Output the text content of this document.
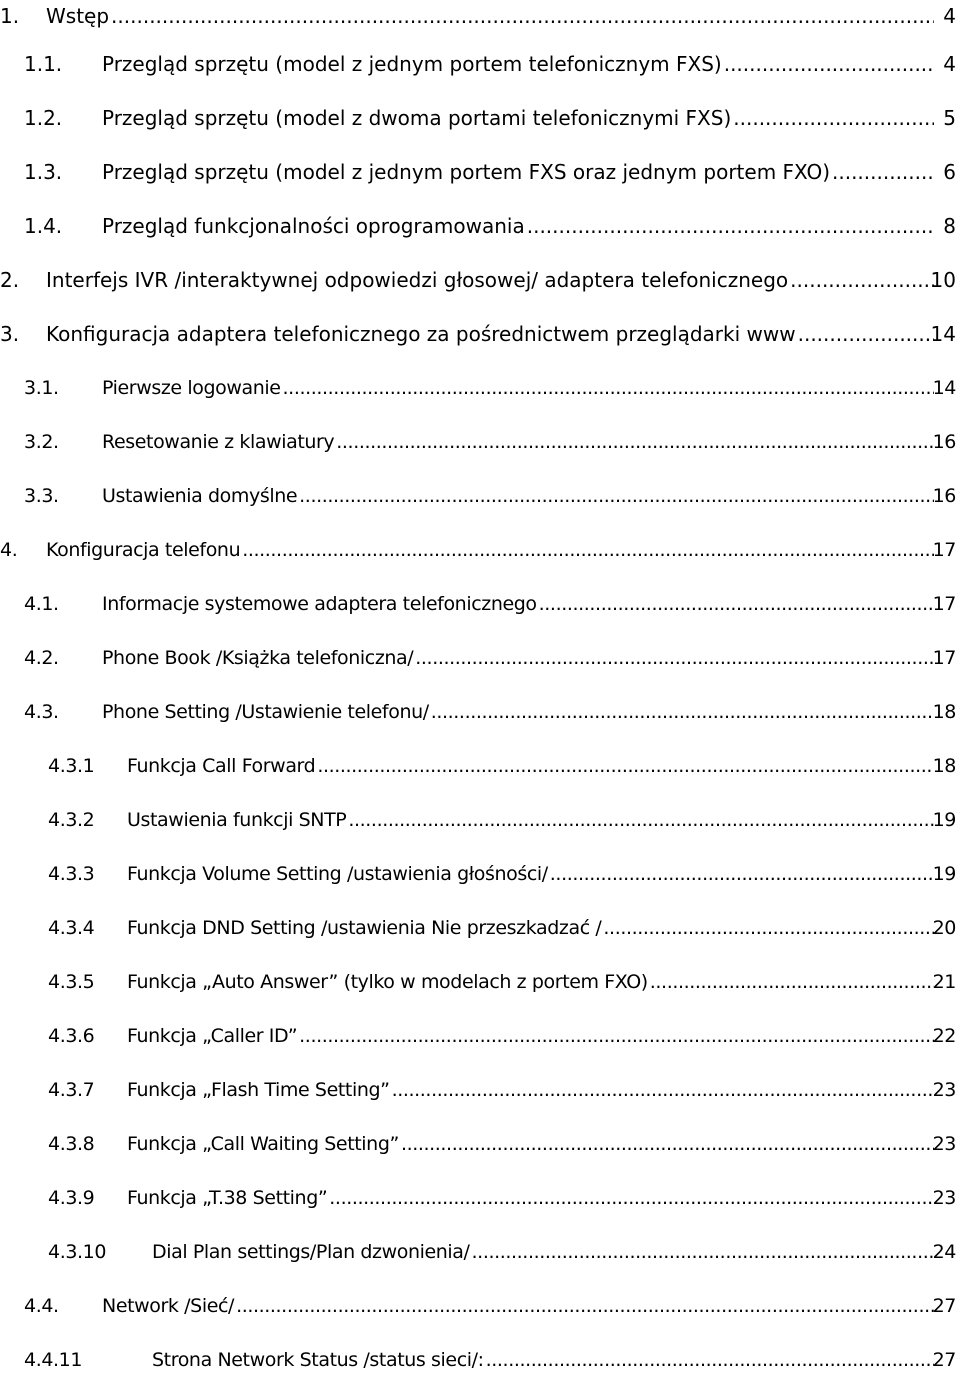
1. Wstęp .....	4
1.1. Przegląd sprzętu (model z jednym portem telefonicznym FXS) .....	4
1.2. Przegląd sprzętu (model z dwoma portami telefonicznymi FXS) .....	5
1.3. Przegląd sprzętu (model z jednym portem FXS oraz jednym portem FXO) .....	6
1.4. Przegląd funkcjonalności oprogramowania .....	8
2. Interfejs IVR /interaktywnej odpowiedzi głosowej/ adaptera telefonicznego .....	10
3. Konfiguracja adaptera telefonicznego za pośrednictwem przeglądarki www .....	14
3.1. Pierwsze logowanie .....	14
3.2. Resetowanie z klawiatury .....	16
3.3. Ustawienia domyślne .....	16
4. Konfiguracja telefonu .....	17
4.1. Informacje systemowe adaptera telefonicznego .....	17
4.2. Phone Book /Książka telefoniczna/ .....	17
4.3. Phone Setting /Ustawienie telefonu/ .....	18
4.3.1 Funkcja Call Forward .....	18
4.3.2 Ustawienia funkcji SNTP .....	19
4.3.3 Funkcja Volume Setting /ustawienia głośności/ .....	19
4.3.4 Funkcja DND Setting /ustawienia Nie przeszkadzać / .....	20
4.3.5 Funkcja „Auto Answer” (tylko w modelach z portem FXO) .....	21
4.3.6 Funkcja „Caller ID” .....	22
4.3.7 Funkcja „Flash Time Setting” .....	23
4.3.8 Funkcja „Call Waiting Setting” .....	23
4.3.9 Funkcja „T.38 Setting” .....	23
4.3.10 Dial Plan settings/Plan dzwonienia/ .....	24
4.4. Network /Sieć/ .....	27
4.4.11	Strona Network Status /status sieci/: .....	27
